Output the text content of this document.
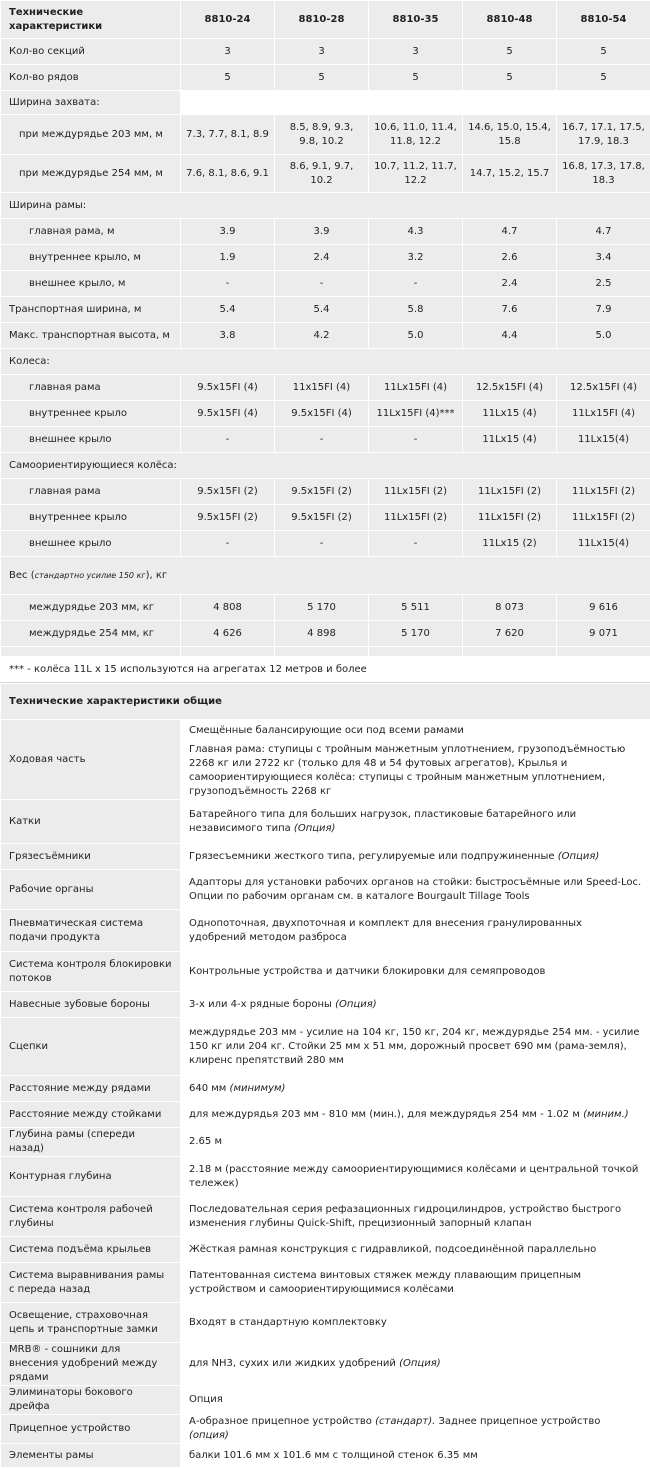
Технические характеристики	8810-24	8810-28	8810-35	8810-48	8810-54
Кол-во секций	3	3	3	5	5
Кол-во рядов	5	5	5	5	5
Ширина захвата:					
при междурядье 203 мм, м	7.3, 7.7, 8.1, 8.9	8.5, 8.9, 9.3, 9.8, 10.2	10.6, 11.0, 11.4, 11.8, 12.2	14.6, 15.0, 15.4, 15.8	16.7, 17.1, 17.5, 17.9, 18.3
при междурядье 254 мм, м	7.6, 8.1, 8.6, 9.1	8.6, 9.1, 9.7, 10.2	10.7, 11.2, 11.7, 12.2	14.7, 15.2, 15.7	16.8, 17.3, 17.8, 18.3
Ширина рамы:					
главная рама, м	3.9	3.9	4.3	4.7	4.7
внутреннее крыло, м	1.9	2.4	3.2	2.6	3.4
внешнее крыло, м	-	-	-	2.4	2.5
Транспортная ширина, м	5.4	5.4	5.8	7.6	7.9
Макс. транспортная высота, м	3.8	4.2	5.0	4.4	5.0
Колеса:					
главная рама	9.5x15FI (4)	11x15FI (4)	11Lx15FI (4)	12.5x15FI (4)	12.5x15FI (4)
внутреннее крыло	9.5x15FI (4)	9.5x15FI (4)	11Lx15FI (4)***	11Lx15 (4)	11Lx15FI (4)
внешнее крыло	-	-	-	11Lx15 (4)	11Lx15(4)
Самоориентирующиеся колёса:					
главная рама	9.5x15FI (2)	9.5x15FI (2)	11Lx15FI (2)	11Lx15FI (2)	11Lx15FI (2)
внутреннее крыло	9.5x15FI (2)	9.5x15FI (2)	11Lx15FI (2)	11Lx15FI (2)	11Lx15FI (2)
внешнее крыло	-	-	-	11Lx15 (2)	11Lx15(4)
Вес (стандартно усилие 150 кг), кг					
междурядье 203 мм, кг	4 808	5 170	5 511	8 073	9 616
междурядье 254 мм, кг	4 626	4 898	5 170	7 620	9 071

*** - колёса 11L x 15 используются на агрегатах 12 метров и более					
Технические характеристики общие	
Ходовая часть	Смещённые балансирующие оси под всеми рамами
	Главная рама: ступицы с тройным манжетным уплотнением, грузоподъёмностью 2268 кг или 2722 кг (только для 48 и 54 футовых агрегатов), Крылья и самоориентирующиеся колёса: ступицы с тройным манжетным уплотнением, грузоподъёмность 2268 кг
Катки	Батарейного типа для больших нагрузок, пластиковые батарейного или независимого типа (Опция)
Грязесъёмники	Грязесъемники жесткого типа, регулируемые или подпружиненные (Опция)
Рабочие органы	Адапторы для установки рабочих органов на стойки: быстросъёмные или Speed-Loc. Опции по рабочим органам см. в каталоге Bourgault Tillage Tools
Пневматическая система подачи продукта	Однопоточная, двухпоточная и комплект для внесения гранулированных удобрений методом разброса
Система контроля блокировки потоков	Контрольные устройства и датчики блокировки для семяпроводов
Навесные зубовые бороны	3-х или 4-х рядные бороны (Опция)
Сцепки	междурядье 203 мм - усилие на 104 кг, 150 кг, 204 кг, междурядье 254 мм. - усилие 150 кг или 204 кг. Стойки 25 мм х 51 мм, дорожный просвет 690 мм (рама-земля), клиренс препятствий 280 мм
Расстояние между рядами	640 мм (минимум)
Расстояние между стойками	для междурядья 203 мм - 810 мм (мин.), для междурядья 254 мм - 1.02 м (миним.)
Глубина рамы (спереди назад)	2.65 м
Контурная глубина	2.18 м (расстояние между самоориентирующимися колёсами и центральной точкой тележек)
Система контроля рабочей глубины	Последовательная серия рефазационных гидроцилиндров, устройство быстрого изменения глубины Quick-Shift, прецизионный запорный клапан
Система подъёма крыльев	Жёсткая рамная конструкция с гидравликой, подсоединённой параллельно
Система выравнивания рамы с переда назад	Патентованная система винтовых стяжек между плавающим прицепным устройством и самоориентирующимися колёсами
Освещение, страховочная цепь и транспортные замки	Входят в стандартную комплектовку
MRB® - сошники для внесения удобрений между рядами	для NH3, сухих или жидких удобрений (Опция)
Элиминаторы бокового дрейфа	Опция
Прицепное устройство	А-образное прицепное устройство (стандарт). Заднее прицепное устройство (опция)
Элементы рамы	балки 101.6 мм х 101.6 мм с толщиной стенок 6.35 мм
